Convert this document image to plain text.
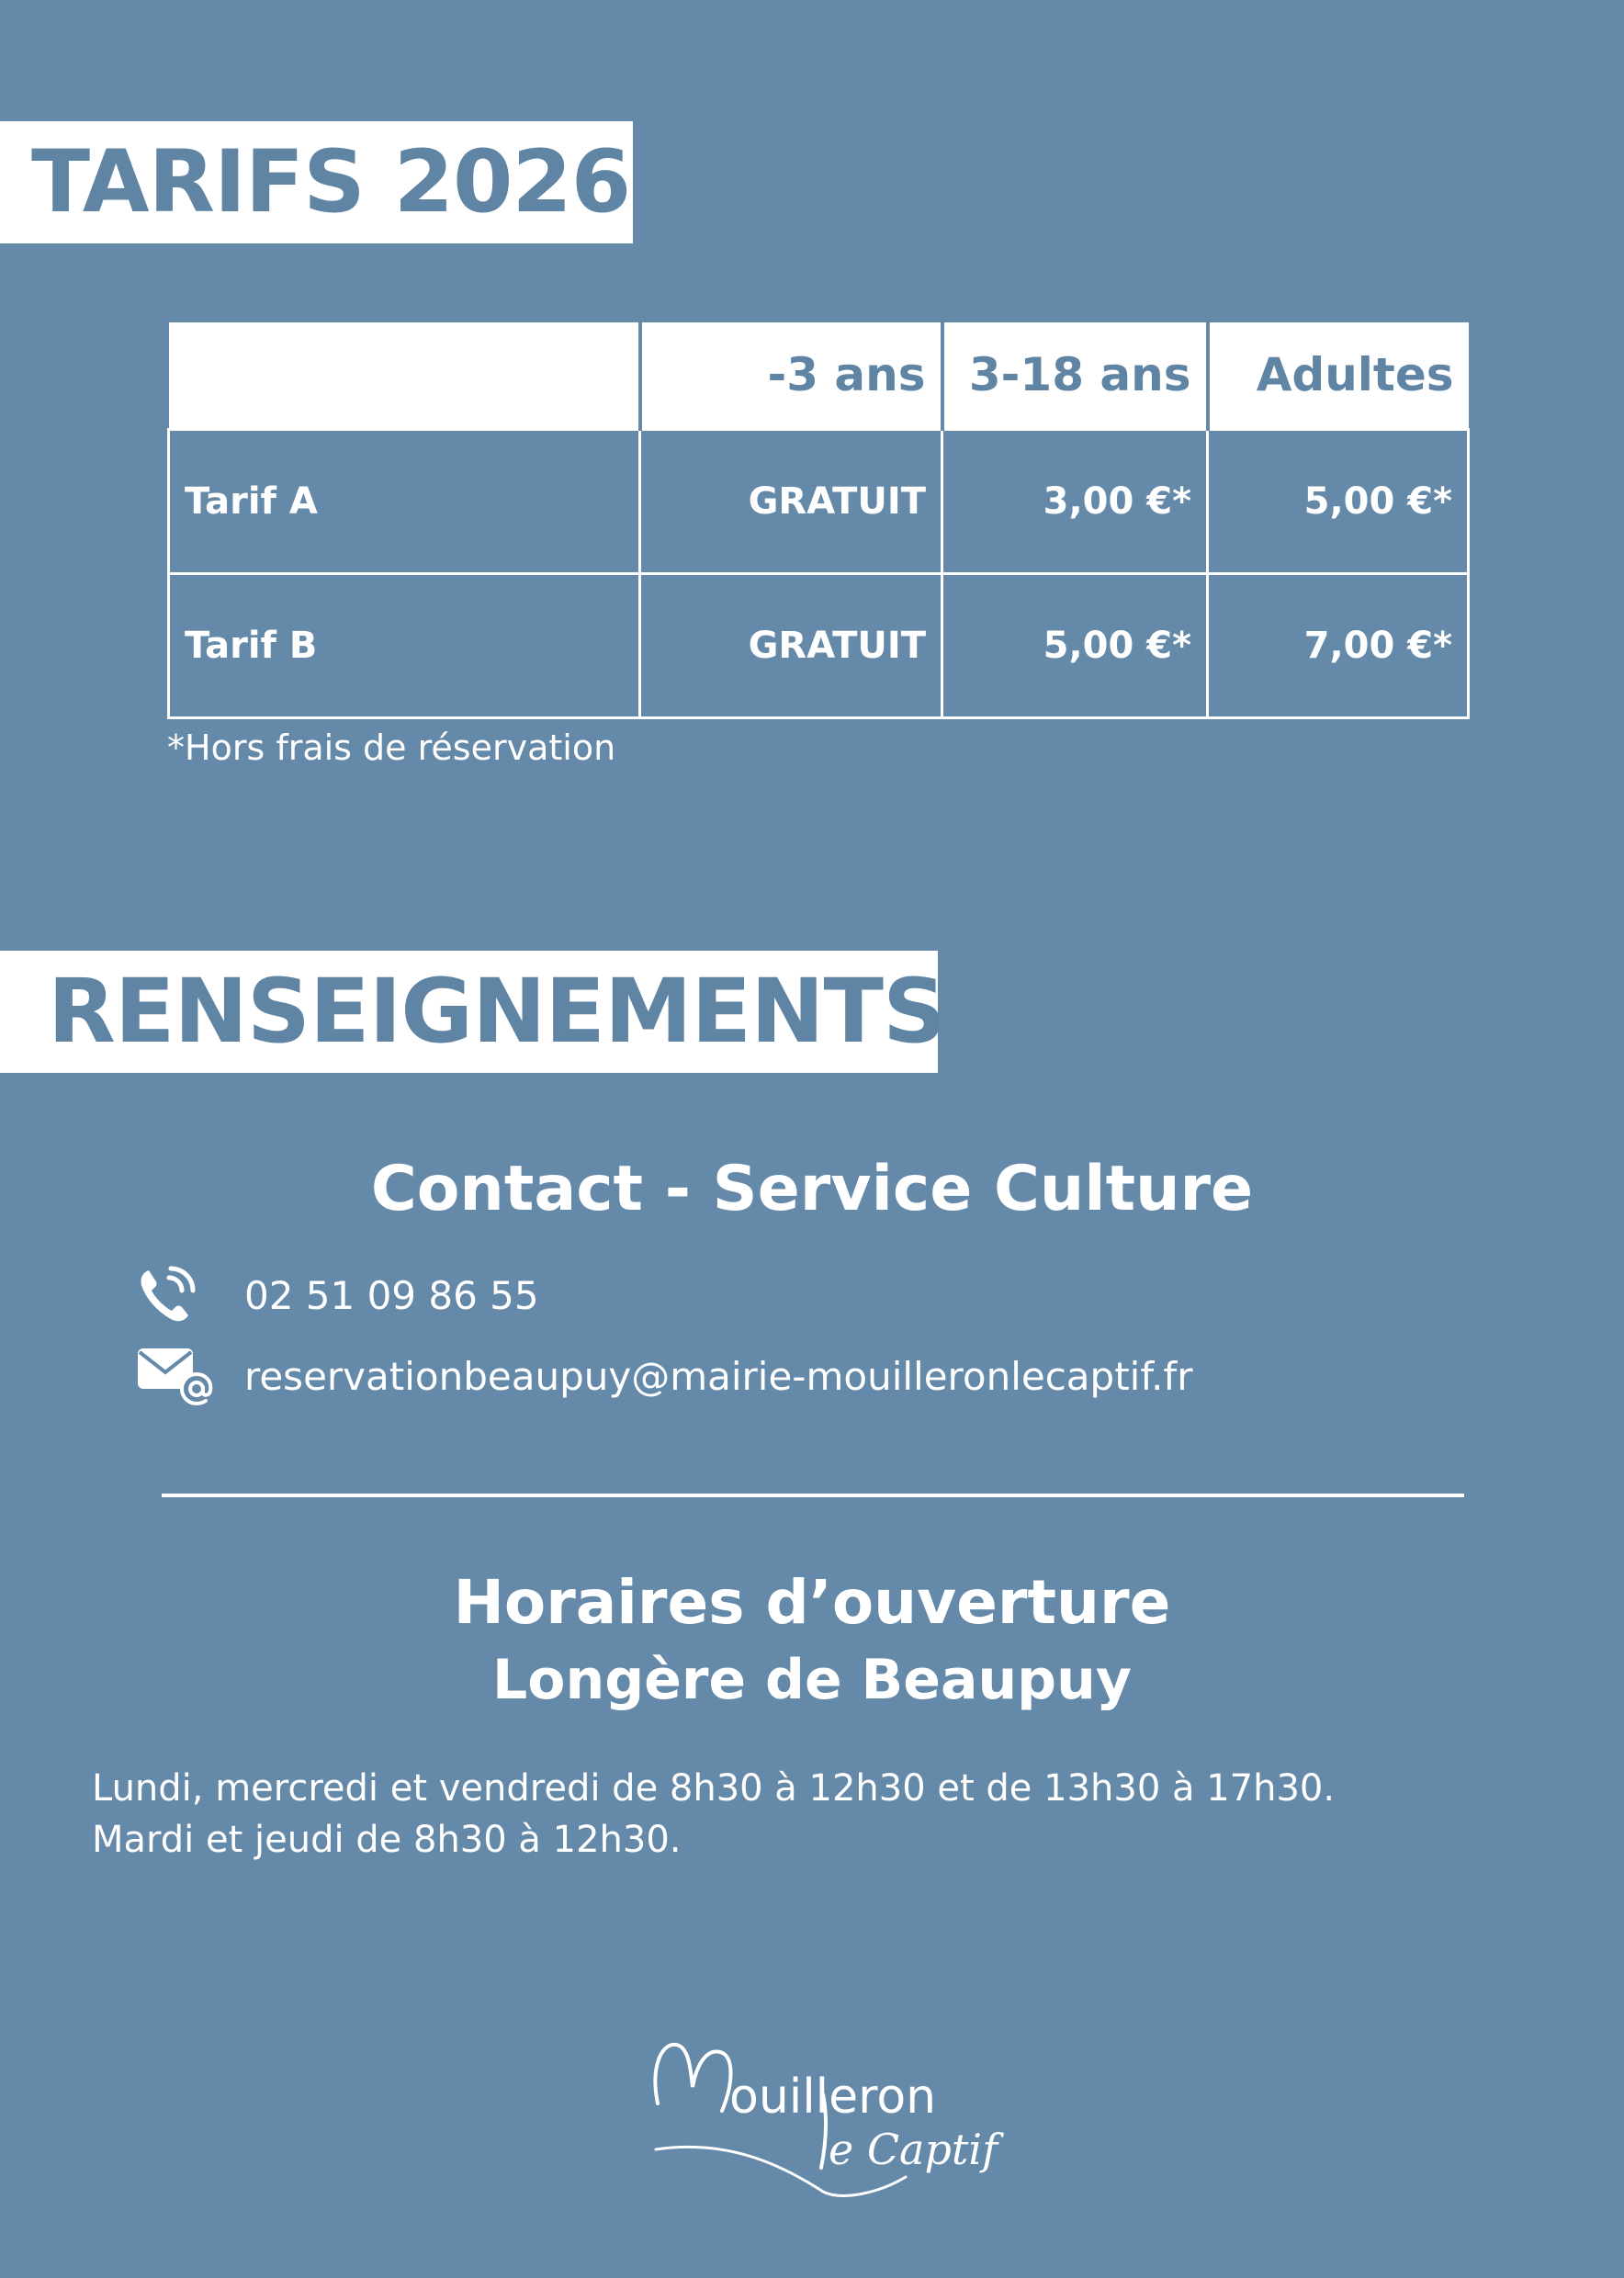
TARIFS 2026
	-3 ans	3-18 ans	Adultes
Tarif A	GRATUIT	3,00 €*	5,00 €*
Tarif B	GRATUIT	5,00 €*	7,00 €*
*Hors frais de réservation
RENSEIGNEMENTS
Contact - Service Culture
02 51 09 86 55
reservationbeaupuy@mairie-mouilleronlecaptif.fr
Horaires d’ouverture
Longère de Beaupuy
Lundi, mercredi et vendredi de 8h30 à 12h30 et de 13h30 à 17h30.
Mardi et jeudi de 8h30 à 12h30.
ouilleron
e Captif
